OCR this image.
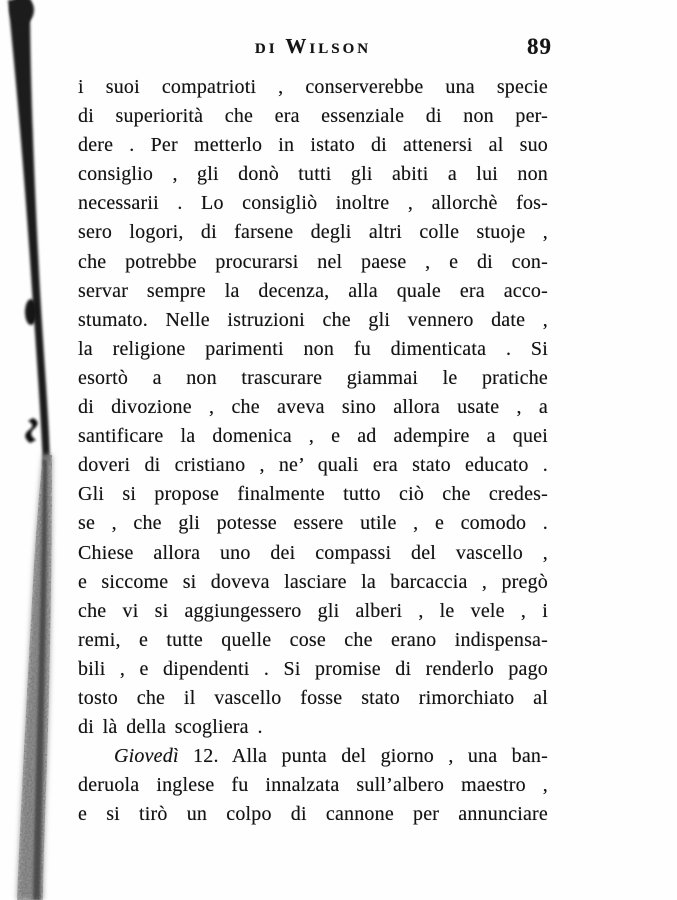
di Wilson	89
i suoi compatrioti , conserverebbe una specie
di superiorità che era essenziale di non per-
dere . Per metterlo in istato di attenersi al suo
consiglio , gli donò tutti gli abiti a lui non
necessarii . Lo consigliò inoltre , allorchè fos-
sero logori, di farsene degli altri colle stuoje ,
che potrebbe procurarsi nel paese , e di con-
servar sempre la decenza, alla quale era acco-
stumato. Nelle istruzioni che gli vennero date ,
la religione parimenti non fu dimenticata . Si
esortò a non trascurare giammai le pratiche
di divozione , che aveva sino allora usate , a
santificare la domenica , e ad adempire a quei
doveri di cristiano , ne’ quali era stato educato .
Gli si propose finalmente tutto ciò che credes-
se , che gli potesse essere utile , e comodo .
Chiese allora uno dei compassi del vascello ,
e siccome si doveva lasciare la barcaccia , pregò
che vi si aggiungessero gli alberi , le vele , i
remi, e tutte quelle cose che erano indispensa-
bili , e dipendenti . Si promise di renderlo pago
tosto che il vascello fosse stato rimorchiato al
di là della scogliera .
Giovedì 12. Alla punta del giorno , una ban-
deruola inglese fu innalzata sull’albero maestro ,
e si tirò un colpo di cannone per annunciare
